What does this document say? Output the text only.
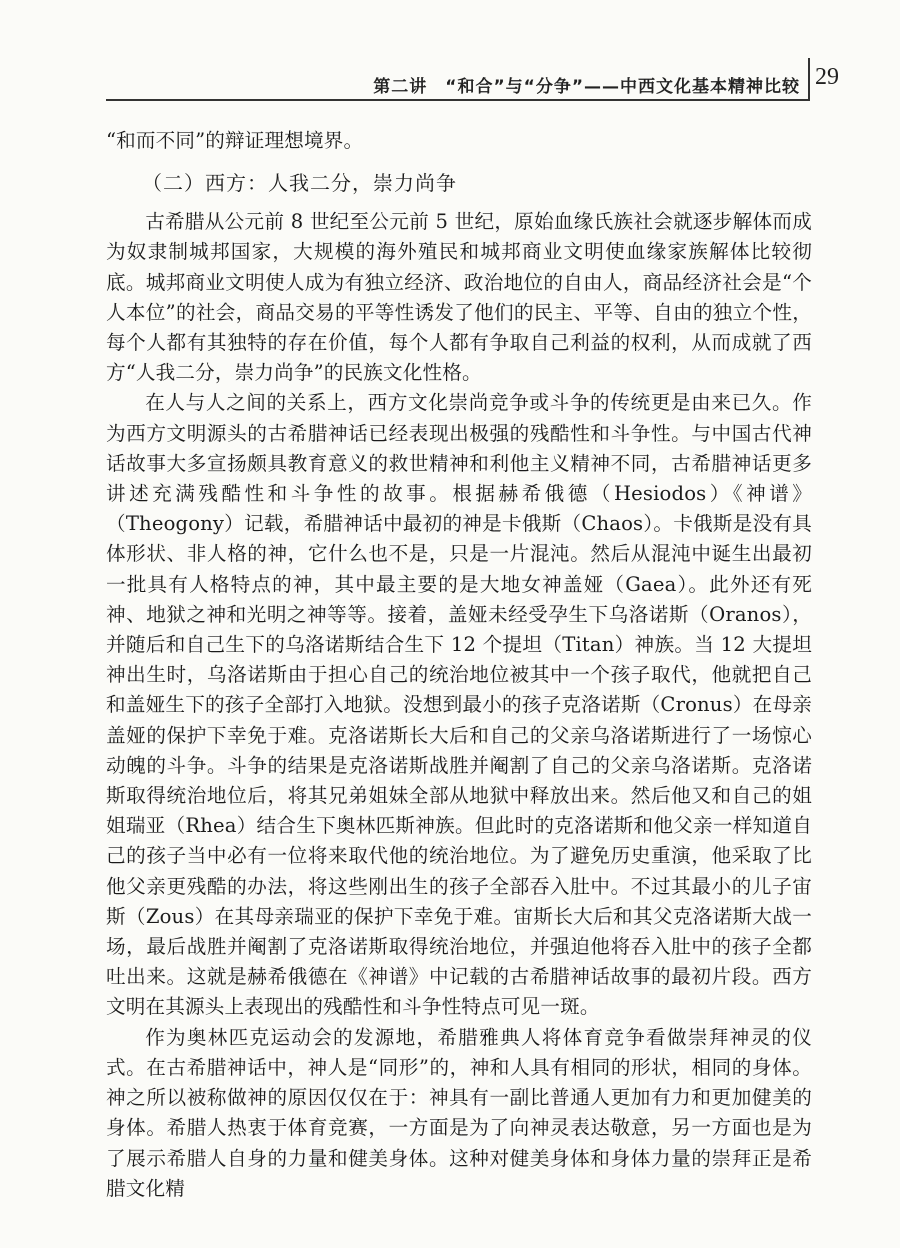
第二讲　“和合”与“分争”——中西文化基本精神比较 29

“和而不同”的辩证理想境界。

（二）西方：人我二分，崇力尚争

古希腊从公元前 8 世纪至公元前 5 世纪，原始血缘氏族社会就逐步解体而成为奴隶制城邦国家，大规模的海外殖民和城邦商业文明使血缘家族解体比较彻底。城邦商业文明使人成为有独立经济、政治地位的自由人，商品经济社会是“个人本位”的社会，商品交易的平等性诱发了他们的民主、平等、自由的独立个性，每个人都有其独特的存在价值，每个人都有争取自己利益的权利，从而成就了西方“人我二分，崇力尚争”的民族文化性格。

在人与人之间的关系上，西方文化崇尚竞争或斗争的传统更是由来已久。作为西方文明源头的古希腊神话已经表现出极强的残酷性和斗争性。与中国古代神话故事大多宣扬颇具教育意义的救世精神和利他主义精神不同，古希腊神话更多讲述充满残酷性和斗争性的故事。根据赫希俄德（Hesiodos）《神谱》（Theogony）记载，希腊神话中最初的神是卡俄斯（Chaos）。卡俄斯是没有具体形状、非人格的神，它什么也不是，只是一片混沌。然后从混沌中诞生出最初一批具有人格特点的神，其中最主要的是大地女神盖娅（Gaea）。此外还有死神、地狱之神和光明之神等等。接着，盖娅未经受孕生下乌洛诺斯（Oranos），并随后和自己生下的乌洛诺斯结合生下 12 个提坦（Titan）神族。当 12 大提坦神出生时，乌洛诺斯由于担心自己的统治地位被其中一个孩子取代，他就把自己和盖娅生下的孩子全部打入地狱。没想到最小的孩子克洛诺斯（Cronus）在母亲盖娅的保护下幸免于难。克洛诺斯长大后和自己的父亲乌洛诺斯进行了一场惊心动魄的斗争。斗争的结果是克洛诺斯战胜并阉割了自己的父亲乌洛诺斯。克洛诺斯取得统治地位后，将其兄弟姐妹全部从地狱中释放出来。然后他又和自己的姐姐瑞亚（Rhea）结合生下奥林匹斯神族。但此时的克洛诺斯和他父亲一样知道自己的孩子当中必有一位将来取代他的统治地位。为了避免历史重演，他采取了比他父亲更残酷的办法，将这些刚出生的孩子全部吞入肚中。不过其最小的儿子宙斯（Zous）在其母亲瑞亚的保护下幸免于难。宙斯长大后和其父克洛诺斯大战一场，最后战胜并阉割了克洛诺斯取得统治地位，并强迫他将吞入肚中的孩子全都吐出来。这就是赫希俄德在《神谱》中记载的古希腊神话故事的最初片段。西方文明在其源头上表现出的残酷性和斗争性特点可见一斑。

作为奥林匹克运动会的发源地，希腊雅典人将体育竞争看做崇拜神灵的仪式。在古希腊神话中，神人是“同形”的，神和人具有相同的形状，相同的身体。神之所以被称做神的原因仅仅在于：神具有一副比普通人更加有力和更加健美的身体。希腊人热衷于体育竞赛，一方面是为了向神灵表达敬意，另一方面也是为了展示希腊人自身的力量和健美身体。这种对健美身体和身体力量的崇拜正是希腊文化精
